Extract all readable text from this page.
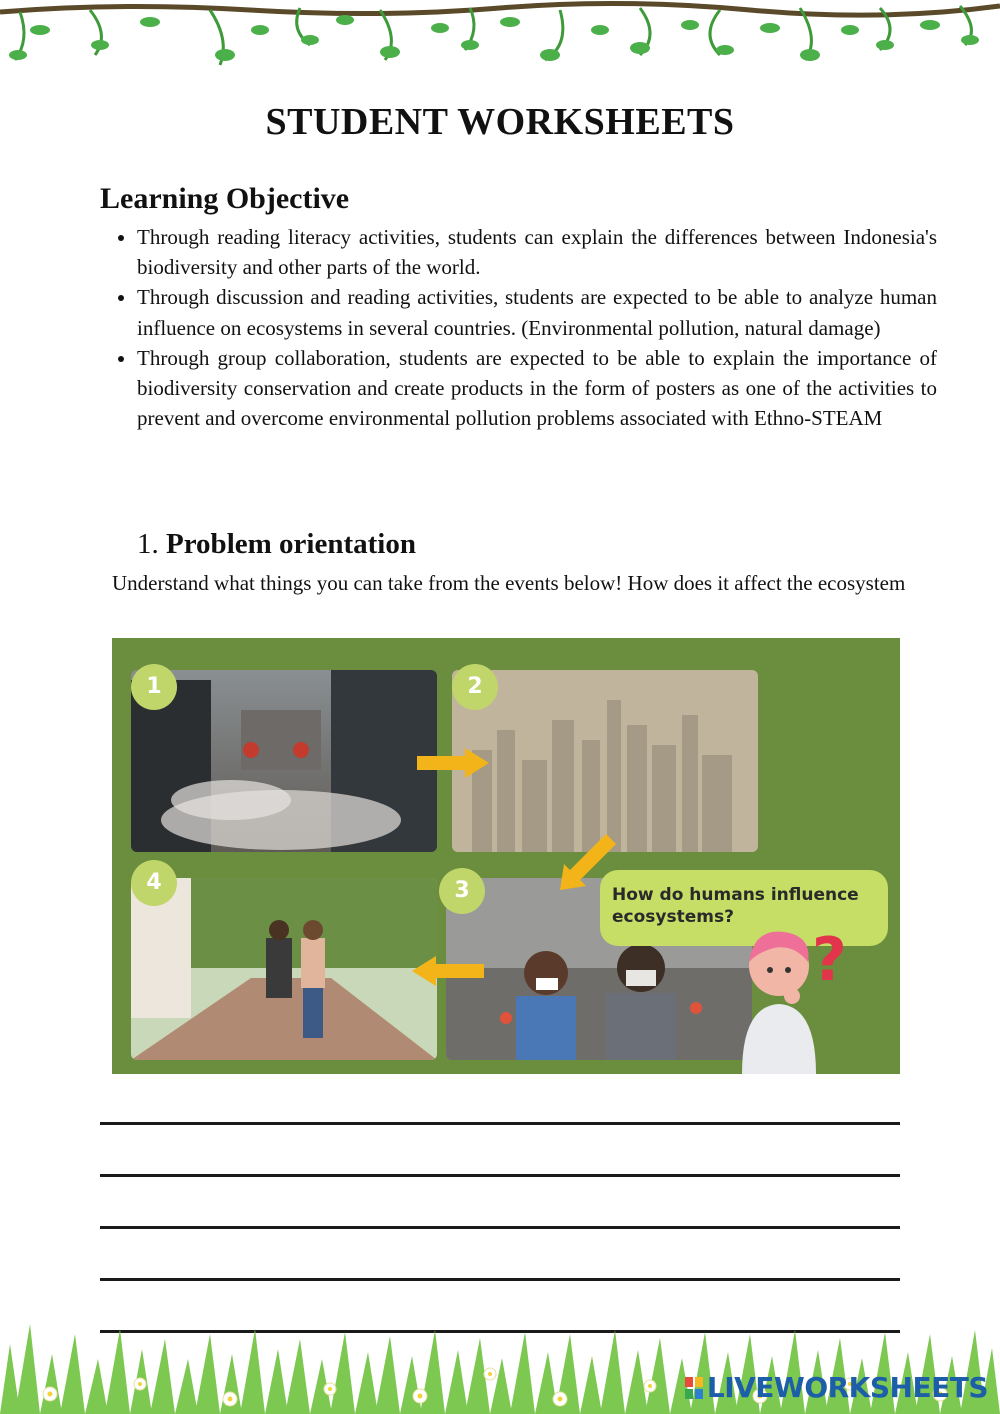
STUDENT WORKSHEETS
Learning Objective
• Through reading literacy activities, students can explain the differences between Indonesia's biodiversity and other parts of the world.
• Through discussion and reading activities, students are expected to be able to analyze human influence on ecosystems in several countries. (Environmental pollution, natural damage)
• Through group collaboration, students are expected to be able to explain the importance of biodiversity conservation and create products in the form of posters as one of the activities to prevent and overcome environmental pollution problems associated with Ethno-STEAM
1. Problem orientation

Understand what things you can take from the events below! How does it affect the ecosystem

1	2
3
4	How do humans influence ecosystems?
?
LIVEWORKSHEETS
